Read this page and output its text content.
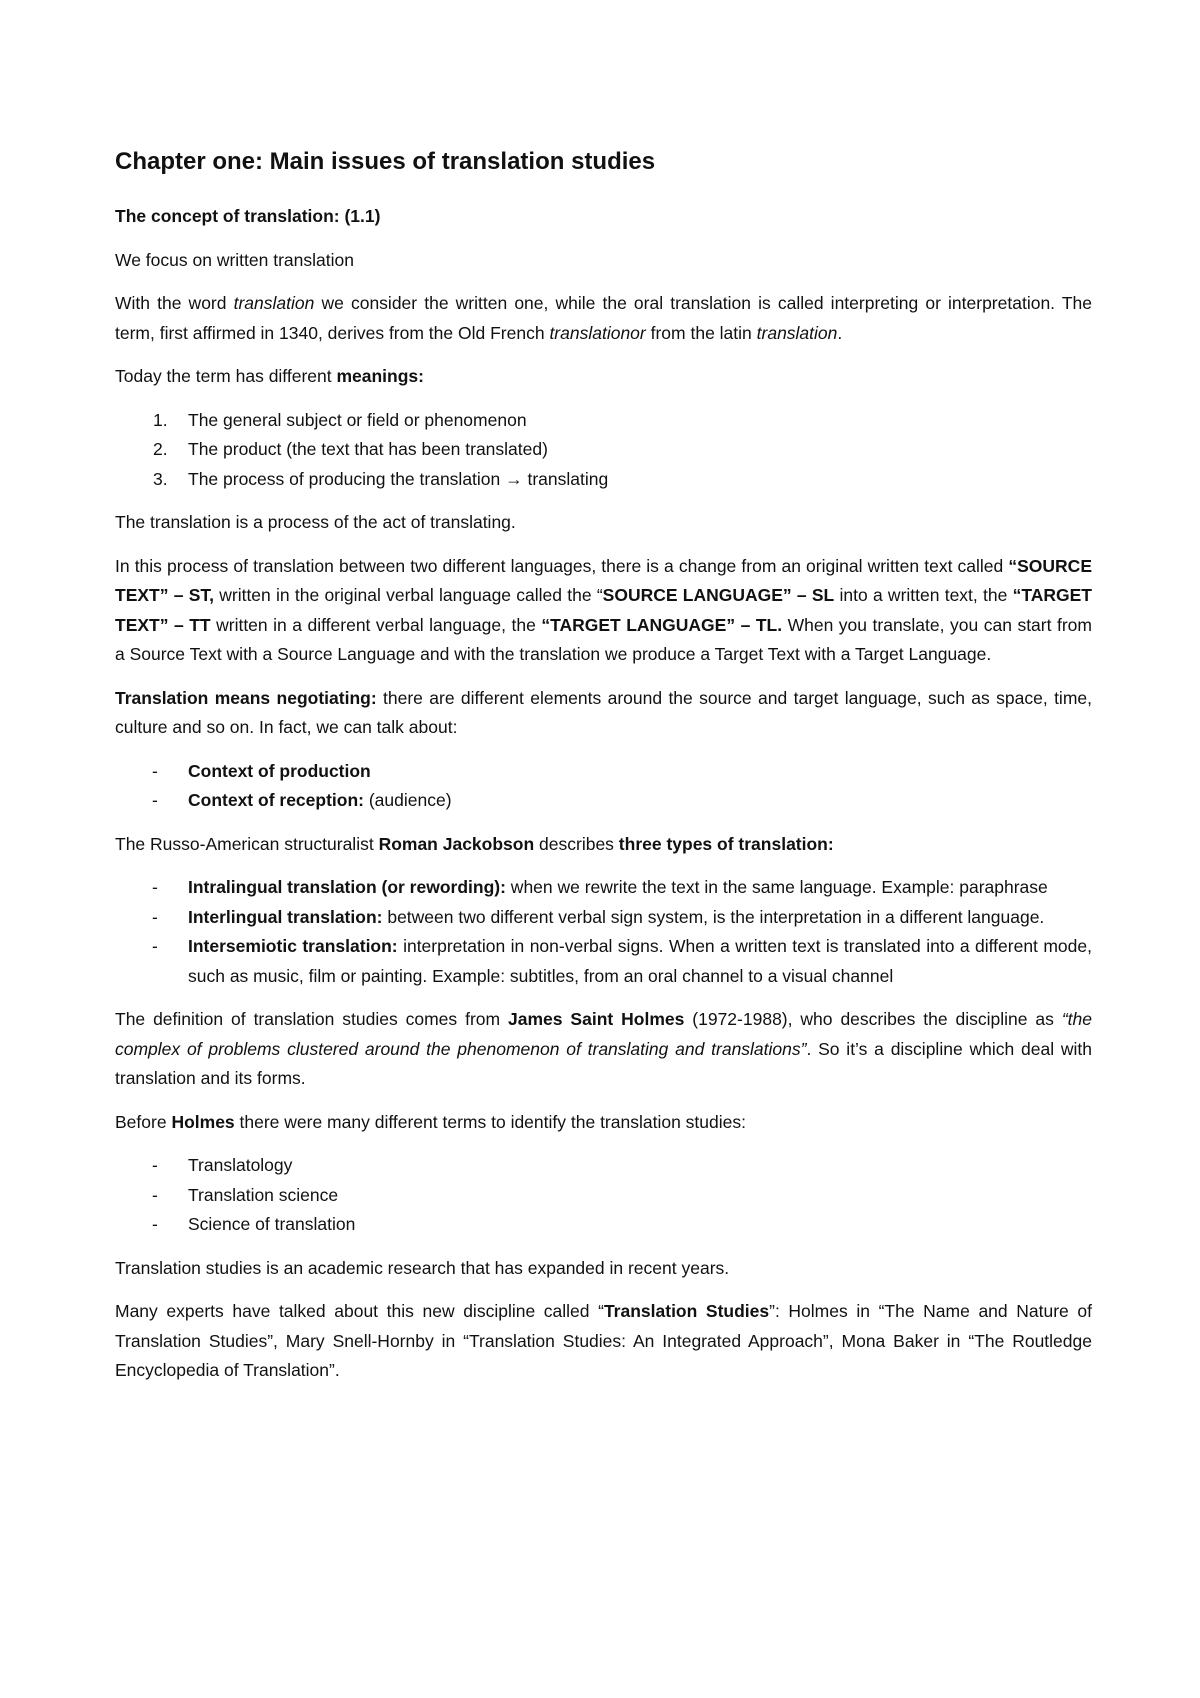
Chapter one: Main issues of translation studies

The concept of translation: (1.1)

We focus on written translation

With the word translation we consider the written one, while the oral translation is called interpreting or interpretation. The term, first affirmed in 1340, derives from the Old French translationor from the latin translation.

Today the term has different meanings:

1. The general subject or field or phenomenon
2. The product (the text that has been translated)
3. The process of producing the translation → translating

The translation is a process of the act of translating.

In this process of translation between two different languages, there is a change from an original written text called “SOURCE TEXT” – ST, written in the original verbal language called the “SOURCE LANGUAGE” – SL into a written text, the “TARGET TEXT” – TT written in a different verbal language, the “TARGET LANGUAGE” – TL. When you translate, you can start from a Source Text with a Source Language and with the translation we produce a Target Text with a Target Language.

Translation means negotiating: there are different elements around the source and target language, such as space, time, culture and so on. In fact, we can talk about:

- Context of production
- Context of reception: (audience)

The Russo-American structuralist Roman Jackobson describes three types of translation:

- Intralingual translation (or rewording): when we rewrite the text in the same language. Example: paraphrase
- Interlingual translation: between two different verbal sign system, is the interpretation in a different language.
- Intersemiotic translation: interpretation in non-verbal signs. When a written text is translated into a different mode, such as music, film or painting. Example: subtitles, from an oral channel to a visual channel

The definition of translation studies comes from James Saint Holmes (1972-1988), who describes the discipline as “the complex of problems clustered around the phenomenon of translating and translations”. So it’s a discipline which deal with translation and its forms.

Before Holmes there were many different terms to identify the translation studies:

- Translatology
- Translation science
- Science of translation

Translation studies is an academic research that has expanded in recent years.

Many experts have talked about this new discipline called “Translation Studies”: Holmes in “The Name and Nature of Translation Studies”, Mary Snell-Hornby in “Translation Studies: An Integrated Approach”, Mona Baker in “The Routledge Encyclopedia of Translation”.
